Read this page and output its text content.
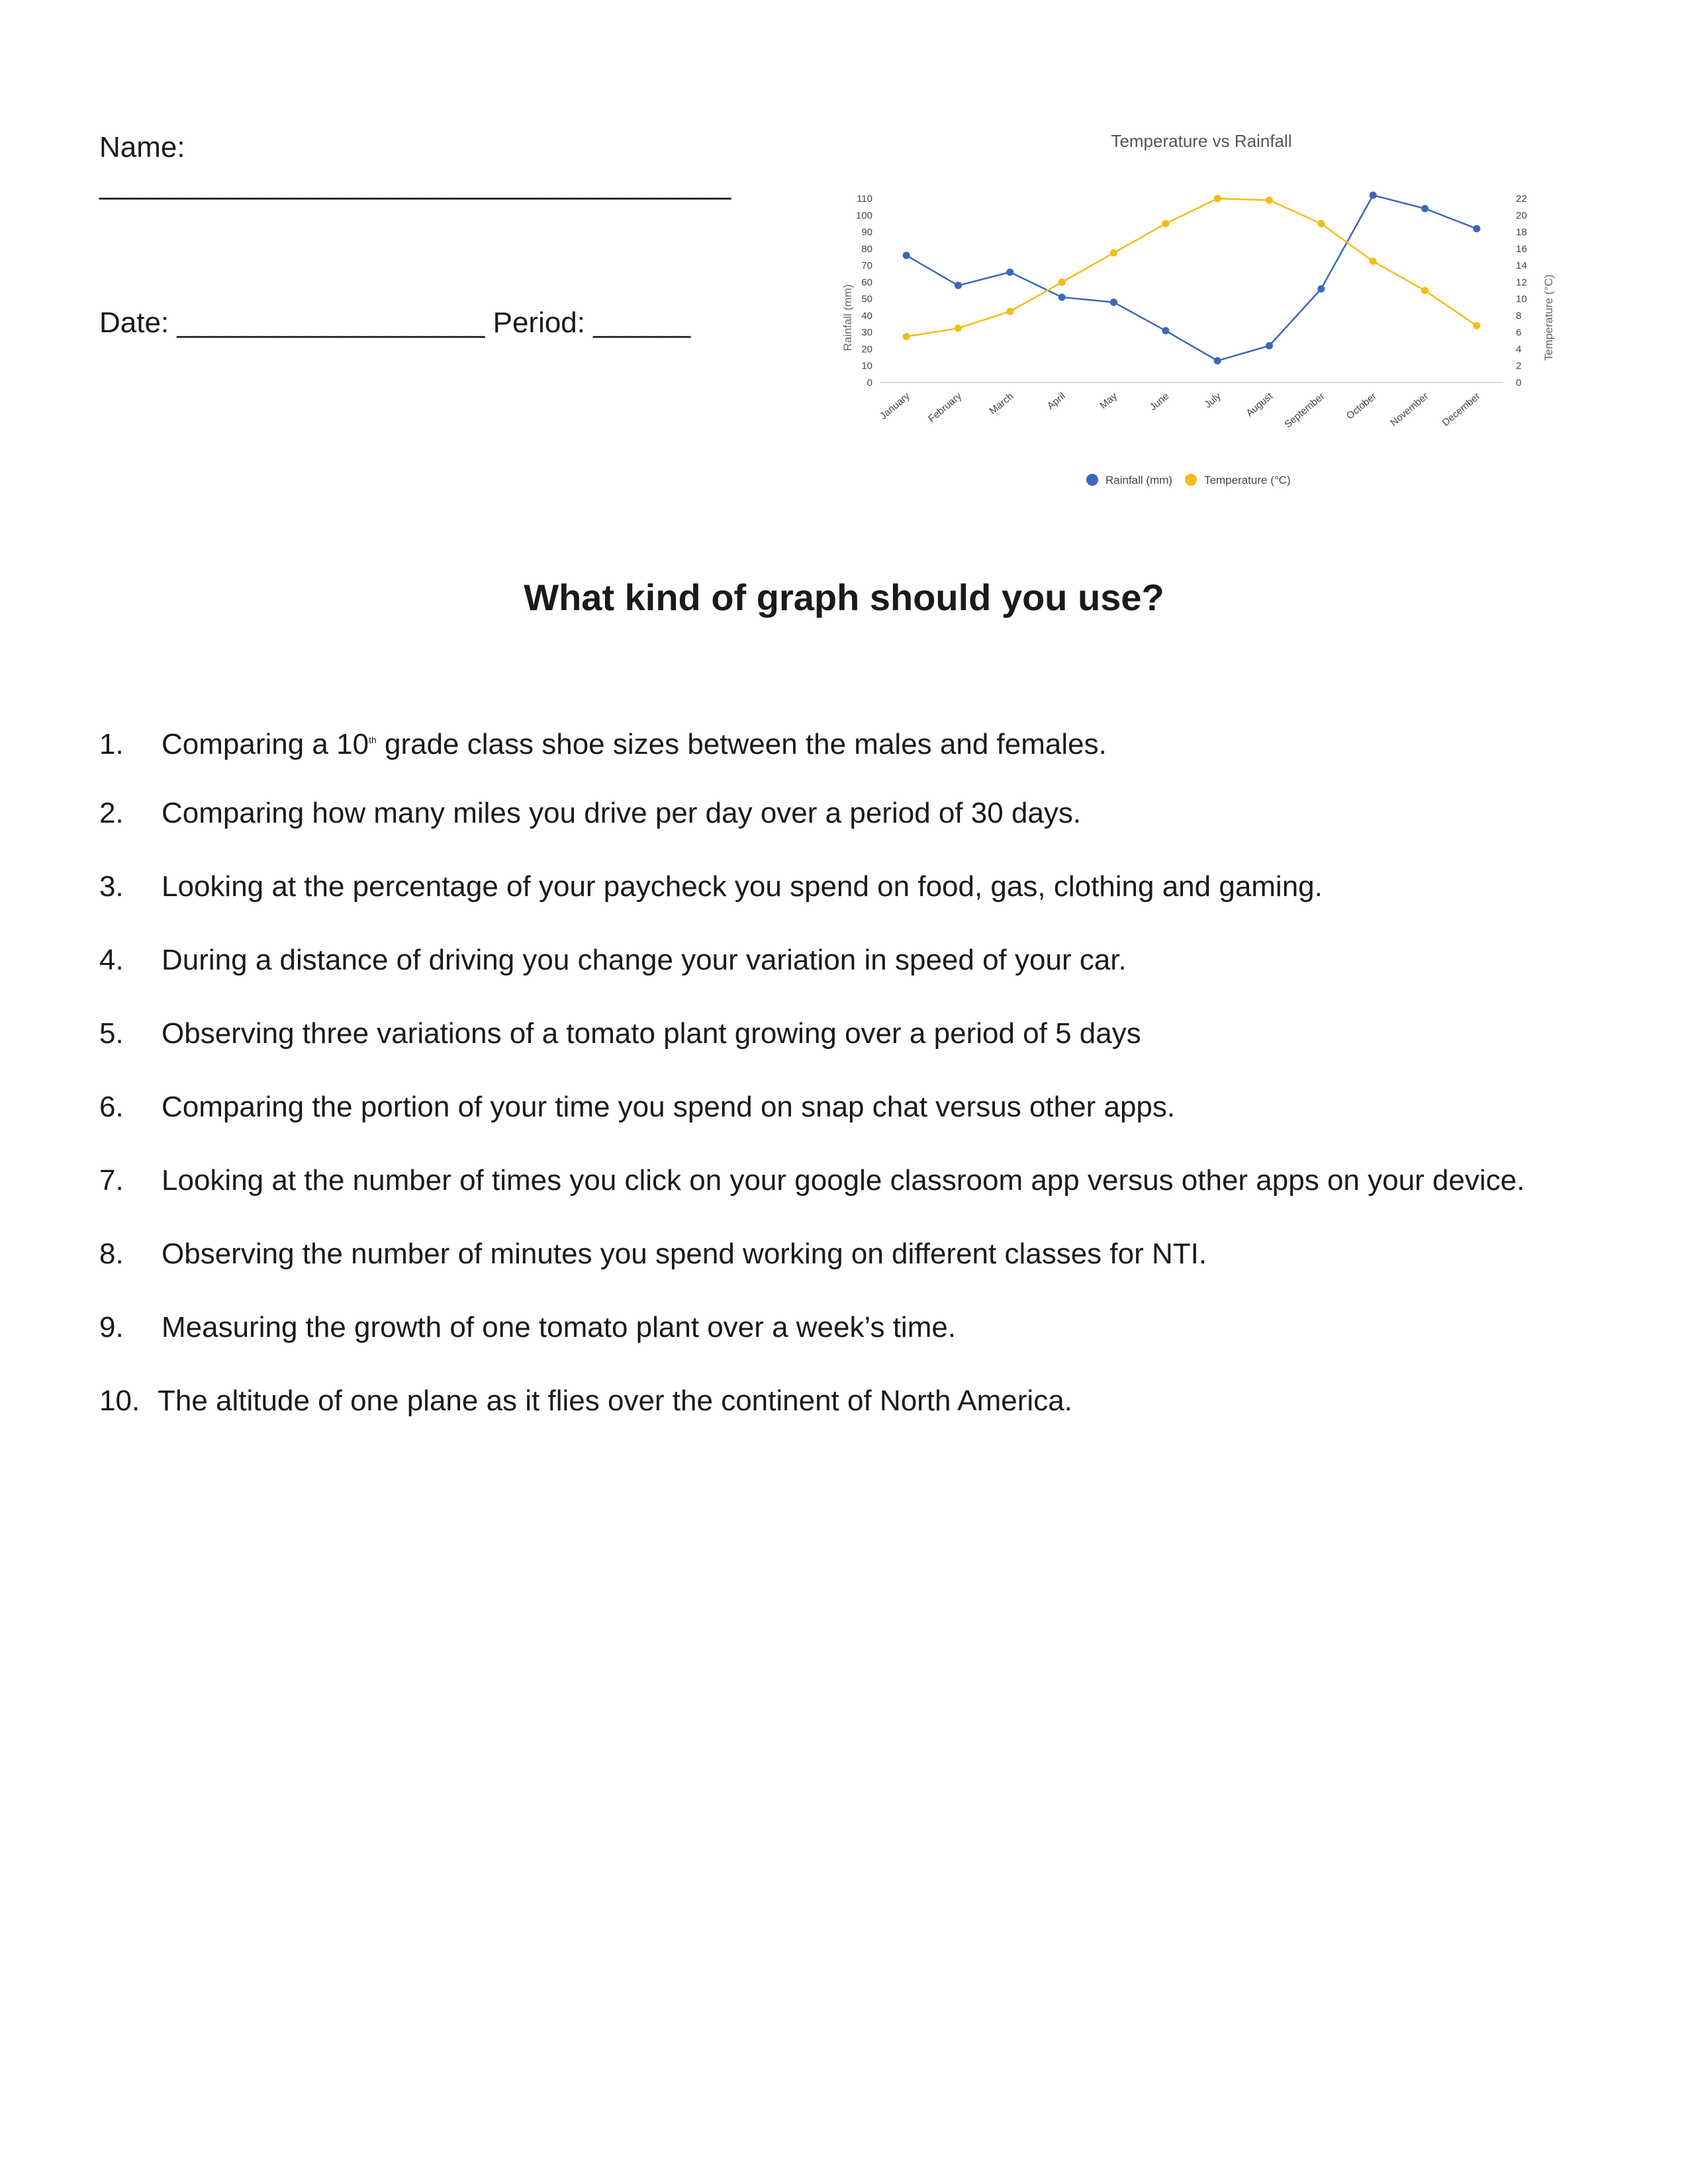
Name:
_______________________________________
Date: ___________________ Period: ______
Temperature vs Rainfall
Rainfall (mm)	Temperature (°C)
0
10
20
30
40
50
60
70
80
90
100
110
0
2
4
6
8
10
12
14
16
18
20
22
January February March	April	May	June	July August September October November December
Rainfall (mm)	Temperature (°C)
What kind of graph should you use?
1. Comparing a 10th grade class shoe sizes between the males and females.
2. Comparing how many miles you drive per day over a period of 30 days.
3. Looking at the percentage of your paycheck you spend on food, gas, clothing and gaming.
4. During a distance of driving you change your variation in speed of your car.
5. Observing three variations of a tomato plant growing over a period of 5 days
6. Comparing the portion of your time you spend on snap chat versus other apps.
7. Looking at the number of times you click on your google classroom app versus other apps on your device.
8. Observing the number of minutes you spend working on different classes for NTI.
9. Measuring the growth of one tomato plant over a week’s time.
10. The altitude of one plane as it flies over the continent of North America.
